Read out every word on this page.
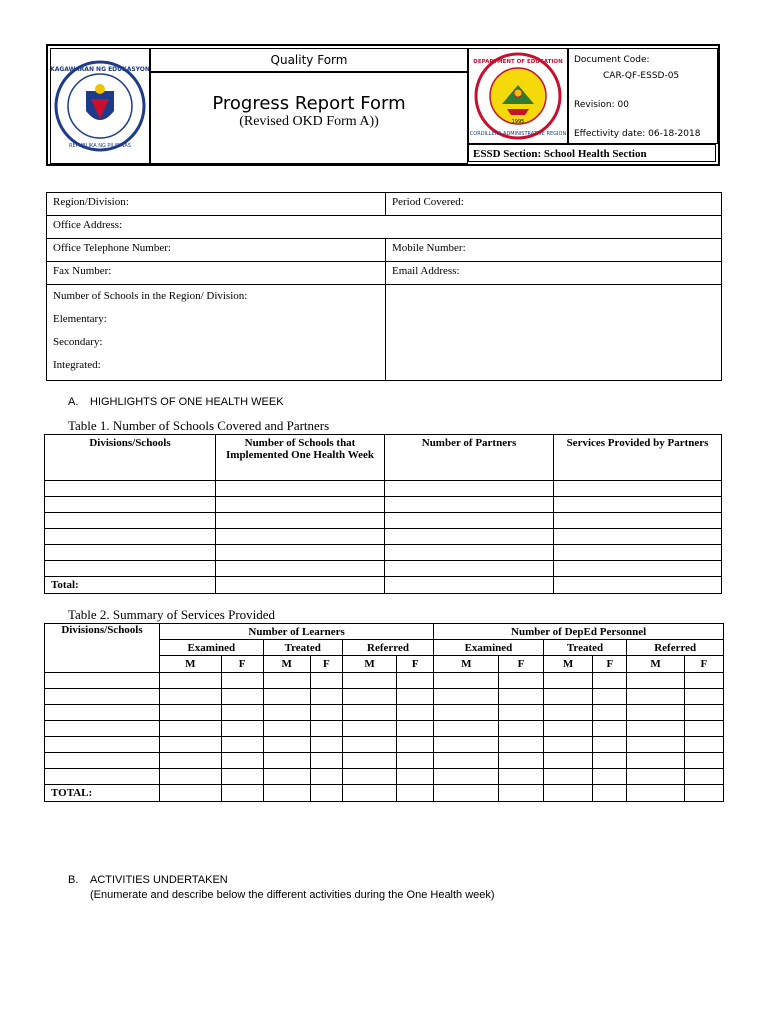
KAGAWARAN NG EDUKASYON
REPUBLIKA NG PILIPINAS
Quality Form
Progress Report Form
(Revised OKD Form A))
DEPARTMENT OF EDUCATION
CORDILLERA ADMINISTRATIVE REGION
1995
Document Code:
CAR-QF-ESSD-05
Revision: 00
Effectivity date: 06-18-2018
ESSD Section: School Health Section
Region/Division:	Period Covered:
Office Address:	
Office Telephone Number:	Mobile Number:
Fax Number:	Email Address:

Number of Schools in the Region/ Division:
Elementary:
Secondary:
Integrated:	

A. HIGHLIGHTS OF ONE HEALTH WEEK
Table 1. Number of Schools Covered and Partners
Divisions/Schools	Number of Schools that Implemented One Health Week	Number of Partners	Services Provided by Partners

Total:			
Table 2. Summary of Services Provided
Divisions/Schools	Number of Learners						Number of DepEd Personnel					
	Examined		Treated		Referred		Examined		Treated		Referred	
	M	F	M	F	M	F	M	F	M	F	M	F

TOTAL:												
B. ACTIVITIES UNDERTAKEN
(Enumerate and describe below the different activities during the One Health week)
